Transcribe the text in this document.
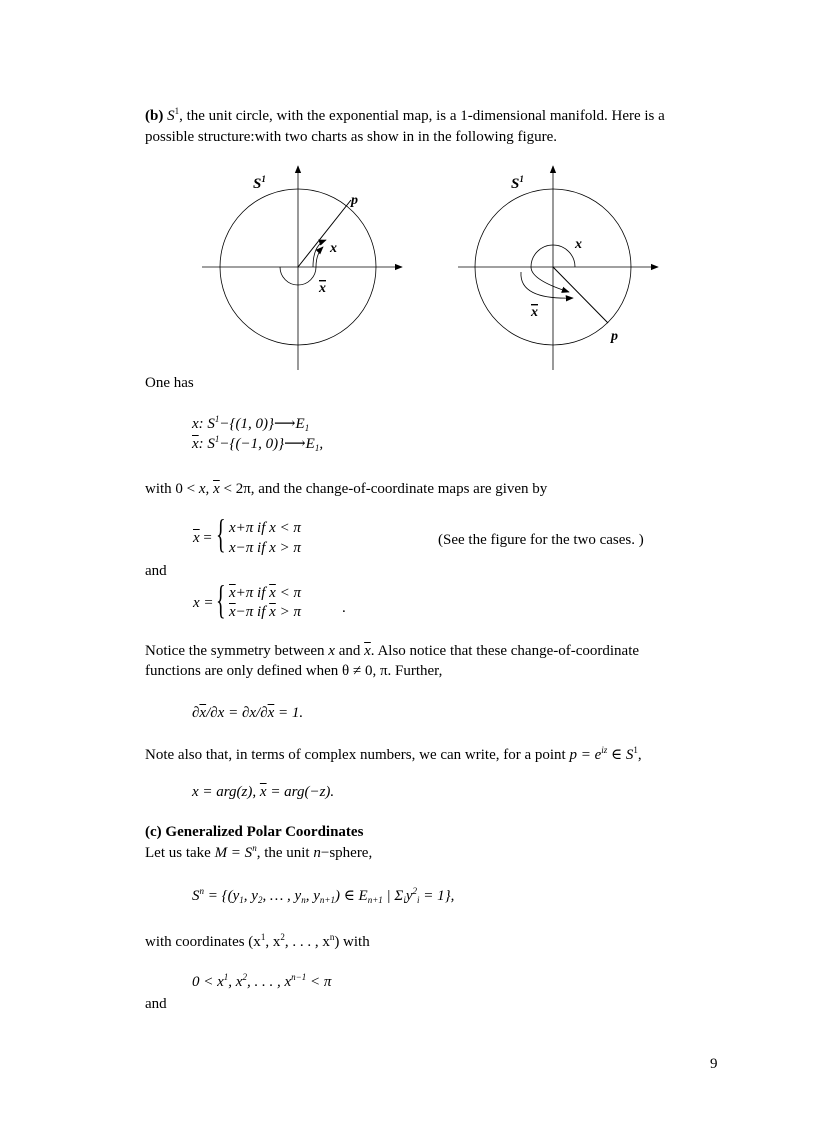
(b) $S^1$, the unit circle, with the exponential map, is a 1-dimensional manifold. Here is a
possible structure:with two charts as show in in the following figure.
$S^1$
p
x
x
$S^1$
x
x
p
One has
x: $S^1-\{(1$, $0)\}⟶E_1$
$\overline{x}$: $S^1-\{(-1$, $0)\}⟶E_1$,
with 0 < x, $\overline{x} < 2\pi$, and the change-of-coordinate maps are given by
$\overline{x}$ = { x+π if x < π
x−π if x > π	(See the figure for the two cases. )
and
x = { $\overline{x}+\pi$ if $\overline{x} < \pi$
$\overline{x}-\pi$ if $\overline{x} > \pi$	.
Notice the symmetry between x and $\overline{x}$. Also notice that these change-of-coordinate
functions are only defined when θ ≠ 0, π. Further,
$\partial\overline{x}/\partial x = \partial x/\partial\overline{x} = 1$.
Note also that, in terms of complex numbers, we can write, for a point $p = e^{iz}$ ∈ $S^1$,
x = arg(z), $\overline{x} = arg(-z)$.
(c) Generalized Polar Coordinates
Let us take $M = S^n$, the unit n−sphere,
$S^n = \{(y_1$, $y_2$, … , $y_n$, $y_{n+1}$) ∈ $E_{n+1}$ | $\Sigma_iy^2_i = 1$},
with coordinates ($x^1$, $x^2$, . . . , $x^n$) with
$0 < x^1$, $x^2$, . . . , $x^{n-1} < \pi$
and
9
